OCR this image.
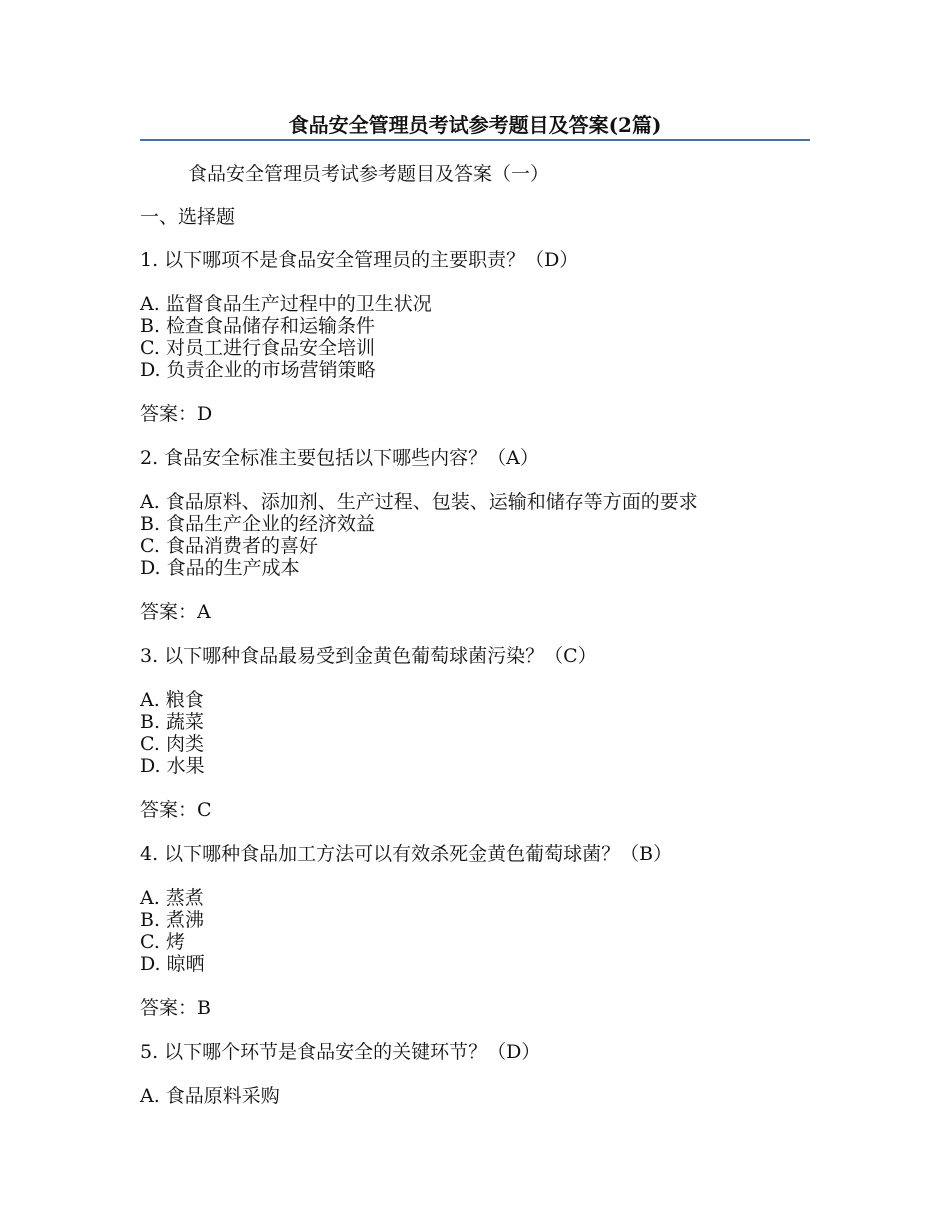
食品安全管理员考试参考题目及答案(2篇)
食品安全管理员考试参考题目及答案（一）
一、选择题
1. 以下哪项不是食品安全管理员的主要职责？（D）
A. 监督食品生产过程中的卫生状况
B. 检查食品储存和运输条件
C. 对员工进行食品安全培训
D. 负责企业的市场营销策略
答案：D
2. 食品安全标准主要包括以下哪些内容？（A）
A. 食品原料、添加剂、生产过程、包装、运输和储存等方面的要求
B. 食品生产企业的经济效益
C. 食品消费者的喜好
D. 食品的生产成本
答案：A
3. 以下哪种食品最易受到金黄色葡萄球菌污染？（C）
A. 粮食
B. 蔬菜
C. 肉类
D. 水果
答案：C
4. 以下哪种食品加工方法可以有效杀死金黄色葡萄球菌？（B）
A. 蒸煮
B. 煮沸
C. 烤
D. 晾晒
答案：B
5. 以下哪个环节是食品安全的关键环节？（D）
A. 食品原料采购
